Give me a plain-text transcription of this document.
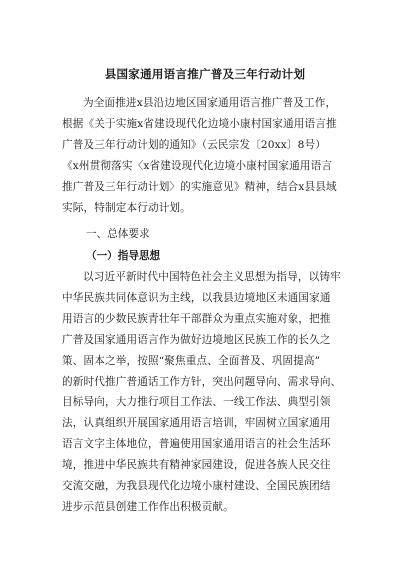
县国家通用语言推广普及三年行动计划

为全面推进x县沿边地区国家通用语言推广普及工作，
根据《关于实施x省建设现代化边境小康村国家通用语言推
广普及三年行动计划的通知》（云民宗发〔20xx〕8号）
《x州贯彻落实〈x省建设现代化边境小康村国家通用语言
推广普及三年行动计划〉的实施意见》精神，结合x县县域
实际，特制定本行动计划。

一、总体要求
（一）指导思想

以习近平新时代中国特色社会主义思想为指导，以铸牢
中华民族共同体意识为主线，以我县边境地区未通国家通
用语言的少数民族青壮年干部群众为重点实施对象，把推
广普及国家通用语言作为做好边境地区民族工作的长久之
策、固本之举，按照“聚焦重点、全面普及、巩固提高”
的新时代推广普通话工作方针，突出问题导向、需求导向、
目标导向，大力推行项目工作法、一线工作法、典型引领
法，认真组织开展国家通用语言培训，牢固树立国家通用
语言文字主体地位，普遍使用国家通用语言的社会生活环
境，推进中华民族共有精神家园建设，促进各族人民交往
交流交融，为我县现代化边境小康村建设、全国民族团结
进步示范县创建工作作出积极贡献。
